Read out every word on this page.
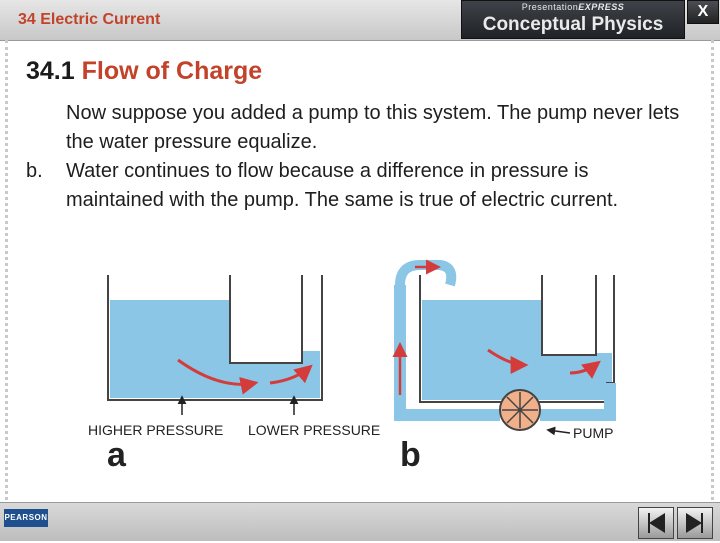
34 Electric Current
PresentationEXPRESS
Conceptual Physics
X
34.1 Flow of Charge

Now suppose you added a pump to this system. The pump never lets the water pressure equalize.

b. Water continues to flow because a difference in pressure is maintained with the pump. The same is true of electric current.

HIGHER PRESSURE LOWER PRESSURE
a
PUMP
b
PEARSON
